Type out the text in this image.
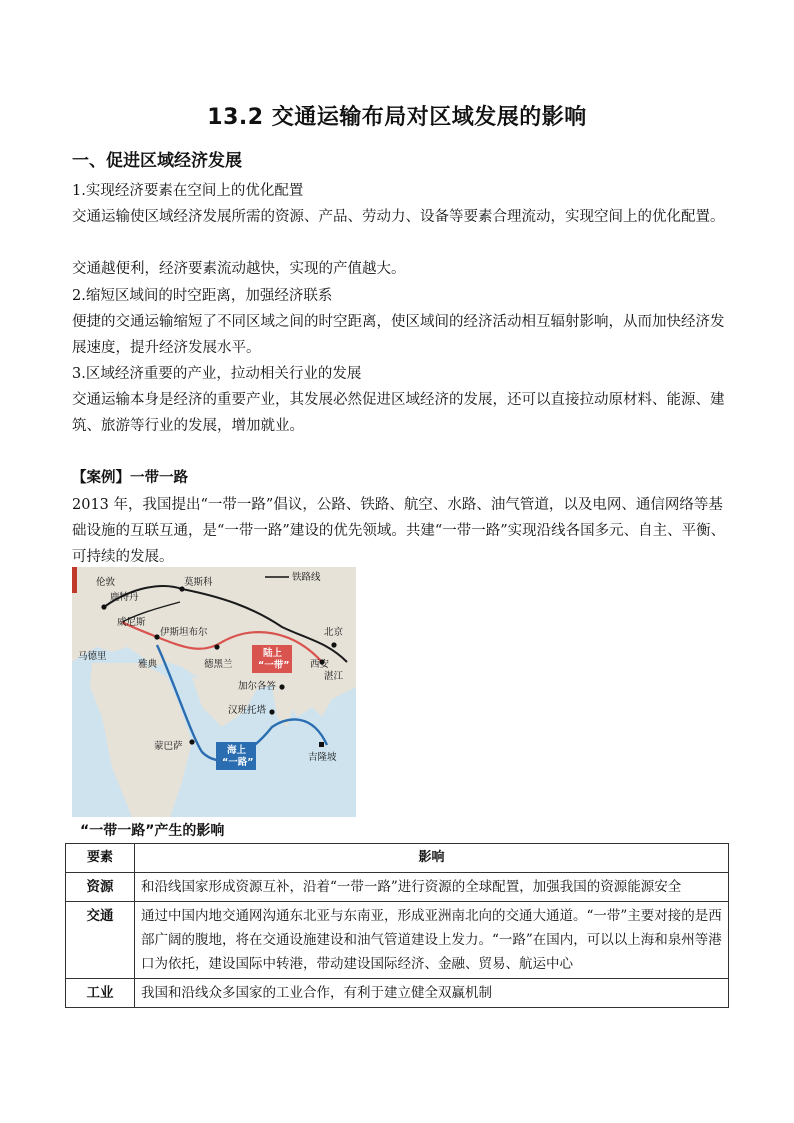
13.2 交通运输布局对区域发展的影响
一、促进区域经济发展
1.实现经济要素在空间上的优化配置
交通运输使区域经济发展所需的资源、产品、劳动力、设备等要素合理流动，实现空间上的优化配置。
交通越便利，经济要素流动越快，实现的产值越大。
2.缩短区域间的时空距离，加强经济联系
便捷的交通运输缩短了不同区域之间的时空距离，使区域间的经济活动相互辐射影响，从而加快经济发展速度，提升经济发展水平。
3.区域经济重要的产业，拉动相关行业的发展
交通运输本身是经济的重要产业，其发展必然促进区域经济的发展，还可以直接拉动原材料、能源、建筑、旅游等行业的发展，增加就业。
【案例】一带一路
2013 年，我国提出“一带一路”倡议，公路、铁路、航空、水路、油气管道，以及电网、通信网络等基础设施的互联互通，是“一带一路”建设的优先领域。共建“一带一路”实现沿线各国多元、自主、平衡、可持续的发展。
铁路线
伦敦
鹿特丹
莫斯科
威尼斯
伊斯坦布尔
马德里
雅典	德黑兰
北京
西安
湛江
加尔各答
汉班托塔
蒙巴萨
吉隆坡
陆上
“一带”
海上
“一路”
“一带一路”产生的影响
要素	影响
资源	和沿线国家形成资源互补，沿着“一带一路”进行资源的全球配置，加强我国的资源能源安全
交通	通过中国内地交通网沟通东北亚与东南亚，形成亚洲南北向的交通大通道。“一带”主要对接的是西部广阔的腹地，将在交通设施建设和油气管道建设上发力。“一路”在国内，可以以上海和泉州等港口为依托，建设国际中转港，带动建设国际经济、金融、贸易、航运中心
工业	我国和沿线众多国家的工业合作，有利于建立健全双赢机制
